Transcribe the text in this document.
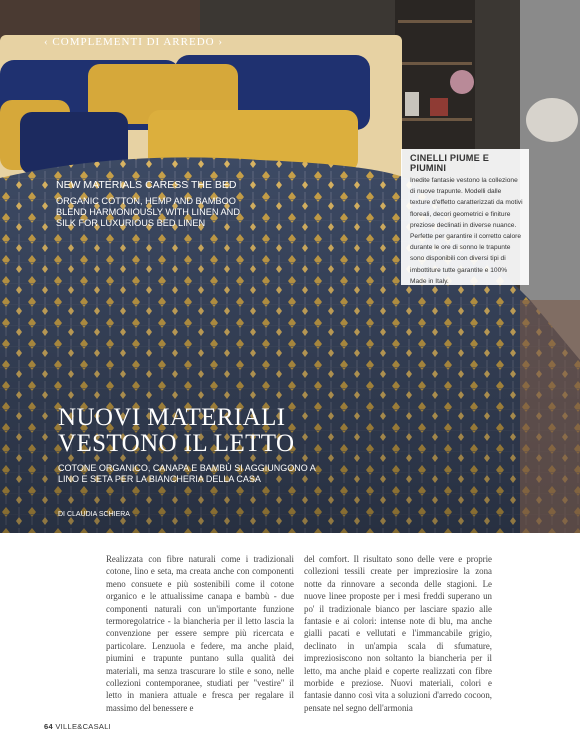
‹ COMPLEMENTI DI ARREDO ›
NEW MATERIALS CARESS THE BED
ORGANIC COTTON, HEMP AND BAMBOO BLEND HARMONIOUSLY WITH LINEN AND SILK FOR LUXURIOUS BED LINEN
CINELLI PIUME E PIUMINI
Inedite fantasie vestono la collezione di nuove trapunte. Modelli dalle texture d'effetto caratterizzati da motivi floreali, decori geometrici e finiture preziose declinati in diverse nuance. Perfette per garantire il corretto calore durante le ore di sonno le trapunte sono disponibili con diversi tipi di imbottiture tutte garantite e 100% Made in Italy.
NUOVI MATERIALI VESTONO IL LETTO
COTONE ORGANICO, CANAPA E BAMBÙ SI AGGIUNGONO A LINO E SETA PER LA BIANCHERIA DELLA CASA
DI CLAUDIA SCHIERA
Realizzata con fibre naturali come i tradizionali cotone, lino e seta, ma creata anche con componenti meno consuete e più sostenibili come il cotone organico e le attualissime canapa e bambù - due componenti naturali con un'importante funzione termoregolatrice - la biancheria per il letto lascia la convenzione per essere sempre più ricercata e particolare. Lenzuola e federe, ma anche plaid, piumini e trapunte puntano sulla qualità dei materiali, ma senza trascurare lo stile e sono, nelle collezioni contemporanee, studiati per "vestire" il letto in maniera attuale e fresca per regalare il massimo del benessere e
del comfort. Il risultato sono delle vere e proprie collezioni tessili create per impreziosire la zona notte da rinnovare a seconda delle stagioni. Le nuove linee proposte per i mesi freddi superano un po' il tradizionale bianco per lasciare spazio alle fantasie e ai colori: intense note di blu, ma anche gialli pacati e vellutati e l'immancabile grigio, declinato in un'ampia scala di sfumature, impreziosiscono non soltanto la biancheria per il letto, ma anche plaid e coperte realizzati con fibre morbide e preziose. Nuovi materiali, colori e fantasie danno così vita a soluzioni d'arredo cocoon, pensate nel segno dell'armonia
64 VILLE&CASALI
